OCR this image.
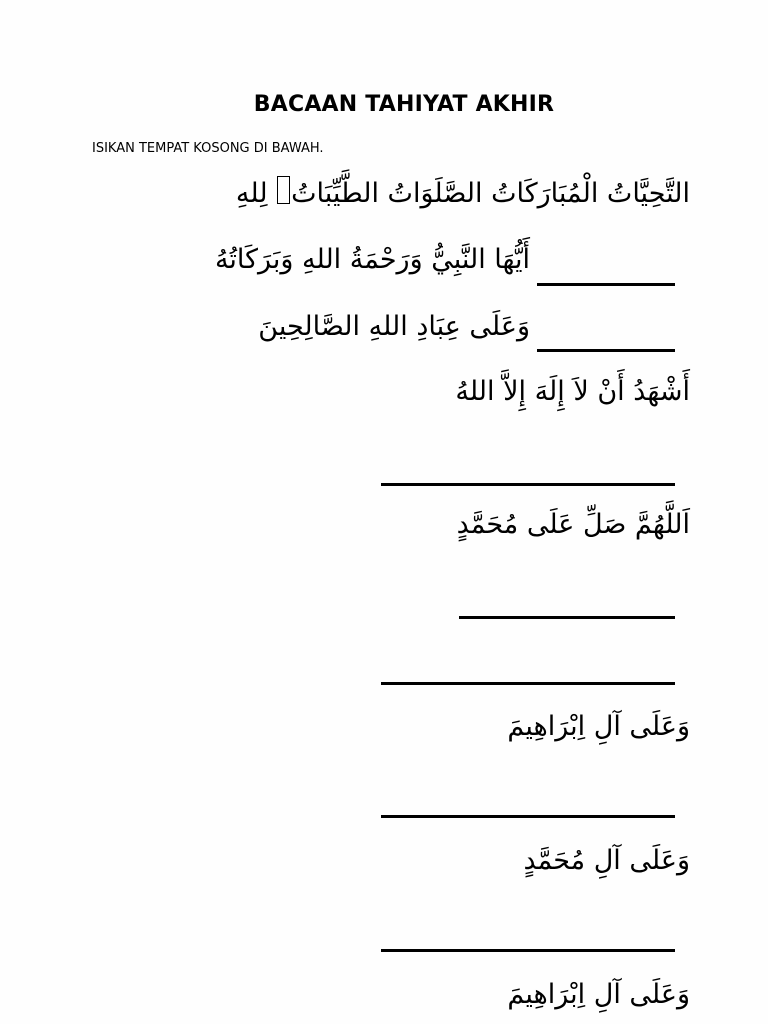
BACAAN TAHIYAT AKHIR
ISIKAN TEMPAT KOSONG DI BAWAH.
التَّحِيَّاتُ الْمُبَارَكَاتُ الصَّلَوَاتُ الطَّيِّبَاتُ لِلهِ
أَيُّهَا النَّبِيُّ وَرَحْمَةُ اللهِ وَبَرَكَاتُهُ
وَعَلَى عِبَادِ اللهِ الصَّالِحِينَ
أَشْهَدُ أَنْ لاَ إِلَهَ إِلاَّ اللهُ
اَللَّهُمَّ صَلِّ عَلَى مُحَمَّدٍ
وَعَلَى آلِ اِبْرَاهِيمَ
وَعَلَى آلِ مُحَمَّدٍ
وَعَلَى آلِ اِبْرَاهِيمَ
